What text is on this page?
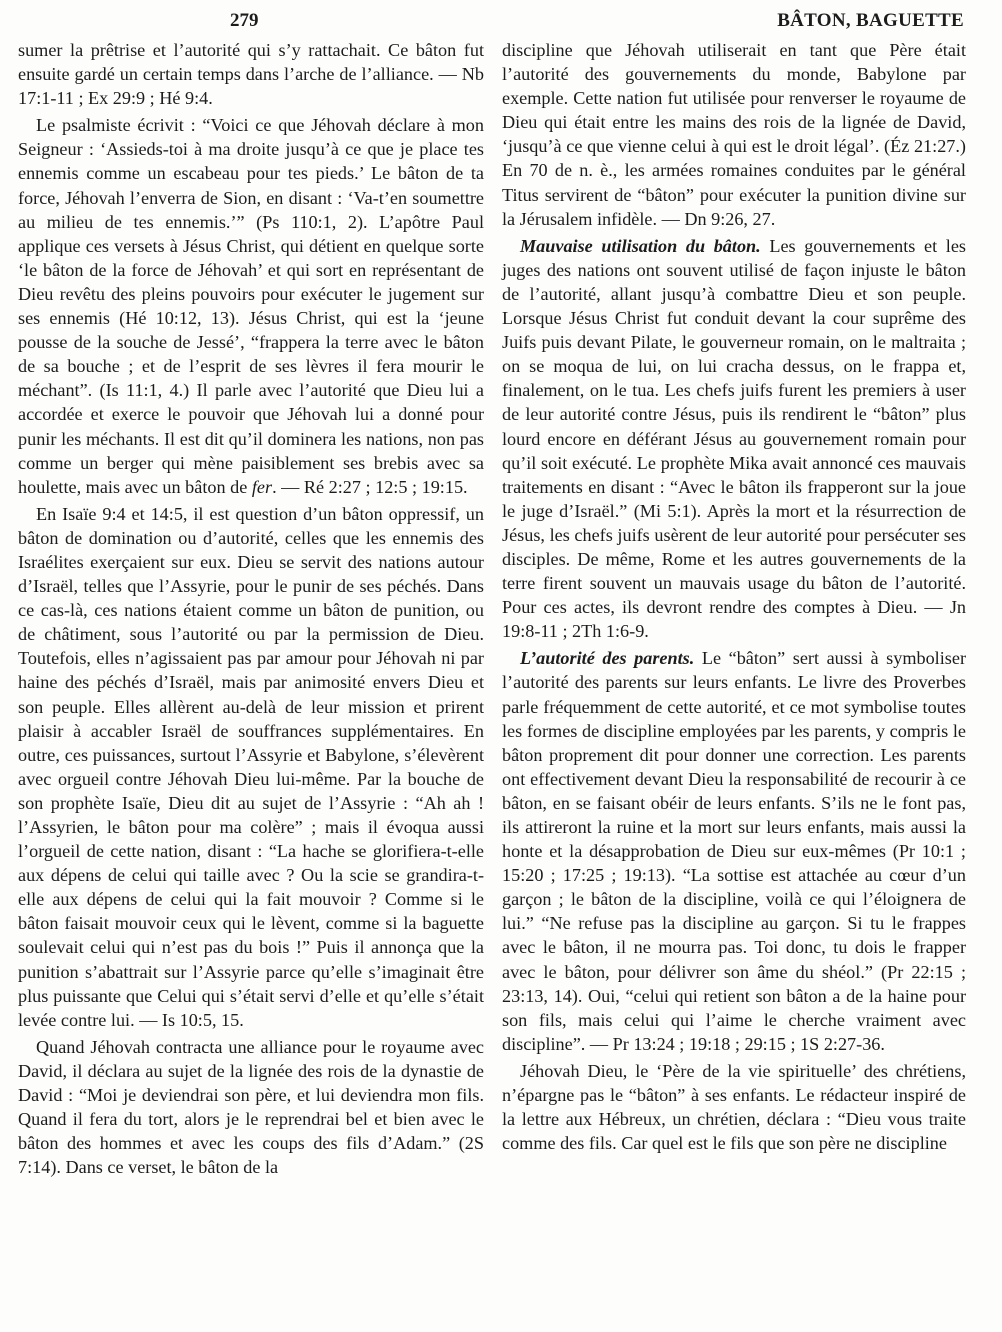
279	BÂTON, BAGUETTE

sumer la prêtrise et l’autorité qui s’y rattachait. Ce bâton fut ensuite gardé un certain temps dans l’arche de l’alliance. — Nb 17:1-11 ; Ex 29:9 ; Hé 9:4.

Le psalmiste écrivit : “Voici ce que Jéhovah déclare à mon Seigneur : ‘Assieds-toi à ma droite jusqu’à ce que je place tes ennemis comme un escabeau pour tes pieds.’ Le bâton de ta force, Jéhovah l’enverra de Sion, en disant : ‘Va-t’en soumettre au milieu de tes ennemis.’” (Ps 110:1, 2). L’apôtre Paul applique ces versets à Jésus Christ, qui détient en quelque sorte ‘le bâton de la force de Jéhovah’ et qui sort en représentant de Dieu revêtu des pleins pouvoirs pour exécuter le jugement sur ses ennemis (Hé 10:12, 13). Jésus Christ, qui est la ‘jeune pousse de la souche de Jessé’, “frappera la terre avec le bâton de sa bouche ; et de l’esprit de ses lèvres il fera mourir le méchant”. (Is 11:1, 4.) Il parle avec l’autorité que Dieu lui a accordée et exerce le pouvoir que Jéhovah lui a donné pour punir les méchants. Il est dit qu’il dominera les nations, non pas comme un berger qui mène paisiblement ses brebis avec sa houlette, mais avec un bâton de fer. — Ré 2:27 ; 12:5 ; 19:15.

En Isaïe 9:4 et 14:5, il est question d’un bâton oppressif, un bâton de domination ou d’autorité, celles que les ennemis des Israélites exerçaient sur eux. Dieu se servit des nations autour d’Israël, telles que l’Assyrie, pour le punir de ses péchés. Dans ce cas-là, ces nations étaient comme un bâton de punition, ou de châtiment, sous l’autorité ou par la permission de Dieu. Toutefois, elles n’agissaient pas par amour pour Jéhovah ni par haine des péchés d’Israël, mais par animosité envers Dieu et son peuple. Elles allèrent au-delà de leur mission et prirent plaisir à accabler Israël de souffrances supplémentaires. En outre, ces puissances, surtout l’Assyrie et Babylone, s’élevèrent avec orgueil contre Jéhovah Dieu lui-même. Par la bouche de son prophète Isaïe, Dieu dit au sujet de l’Assyrie : “Ah ah ! l’Assyrien, le bâton pour ma colère” ; mais il évoqua aussi l’orgueil de cette nation, disant : “La hache se glorifiera-t-elle aux dépens de celui qui taille avec ? Ou la scie se grandira-t-elle aux dépens de celui qui la fait mouvoir ? Comme si le bâton faisait mouvoir ceux qui le lèvent, comme si la baguette soulevait celui qui n’est pas du bois !” Puis il annonça que la punition s’abattrait sur l’Assyrie parce qu’elle s’imaginait être plus puissante que Celui qui s’était servi d’elle et qu’elle s’était levée contre lui. — Is 10:5, 15.

Quand Jéhovah contracta une alliance pour le royaume avec David, il déclara au sujet de la lignée des rois de la dynastie de David : “Moi je deviendrai son père, et lui deviendra mon fils. Quand il fera du tort, alors je le reprendrai bel et bien avec le bâton des hommes et avec les coups des fils d’Adam.” (2S 7:14). Dans ce verset, le bâton de la

discipline que Jéhovah utiliserait en tant que Père était l’autorité des gouvernements du monde, Babylone par exemple. Cette nation fut utilisée pour renverser le royaume de Dieu qui était entre les mains des rois de la lignée de David, ‘jusqu’à ce que vienne celui à qui est le droit légal’. (Éz 21:27.) En 70 de n. è., les armées romaines conduites par le général Titus servirent de “bâton” pour exécuter la punition divine sur la Jérusalem infidèle. — Dn 9:26, 27.

Mauvaise utilisation du bâton. Les gouvernements et les juges des nations ont souvent utilisé de façon injuste le bâton de l’autorité, allant jusqu’à combattre Dieu et son peuple. Lorsque Jésus Christ fut conduit devant la cour suprême des Juifs puis devant Pilate, le gouverneur romain, on le maltraita ; on se moqua de lui, on lui cracha dessus, on le frappa et, finalement, on le tua. Les chefs juifs furent les premiers à user de leur autorité contre Jésus, puis ils rendirent le “bâton” plus lourd encore en déférant Jésus au gouvernement romain pour qu’il soit exécuté. Le prophète Mika avait annoncé ces mauvais traitements en disant : “Avec le bâton ils frapperont sur la joue le juge d’Israël.” (Mi 5:1). Après la mort et la résurrection de Jésus, les chefs juifs usèrent de leur autorité pour persécuter ses disciples. De même, Rome et les autres gouvernements de la terre firent souvent un mauvais usage du bâton de l’autorité. Pour ces actes, ils devront rendre des comptes à Dieu. — Jn 19:8-11 ; 2Th 1:6-9.

L’autorité des parents. Le “bâton” sert aussi à symboliser l’autorité des parents sur leurs enfants. Le livre des Proverbes parle fréquemment de cette autorité, et ce mot symbolise toutes les formes de discipline employées par les parents, y compris le bâton proprement dit pour donner une correction. Les parents ont effectivement devant Dieu la responsabilité de recourir à ce bâton, en se faisant obéir de leurs enfants. S’ils ne le font pas, ils attireront la ruine et la mort sur leurs enfants, mais aussi la honte et la désapprobation de Dieu sur eux-mêmes (Pr 10:1 ; 15:20 ; 17:25 ; 19:13). “La sottise est attachée au cœur d’un garçon ; le bâton de la discipline, voilà ce qui l’éloignera de lui.” “Ne refuse pas la discipline au garçon. Si tu le frappes avec le bâton, il ne mourra pas. Toi donc, tu dois le frapper avec le bâton, pour délivrer son âme du shéol.” (Pr 22:15 ; 23:13, 14). Oui, “celui qui retient son bâton a de la haine pour son fils, mais celui qui l’aime le cherche vraiment avec discipline”. — Pr 13:24 ; 19:18 ; 29:15 ; 1S 2:27-36.

Jéhovah Dieu, le ‘Père de la vie spirituelle’ des chrétiens, n’épargne pas le “bâton” à ses enfants. Le rédacteur inspiré de la lettre aux Hébreux, un chrétien, déclara : “Dieu vous traite comme des fils. Car quel est le fils que son père ne discipline
